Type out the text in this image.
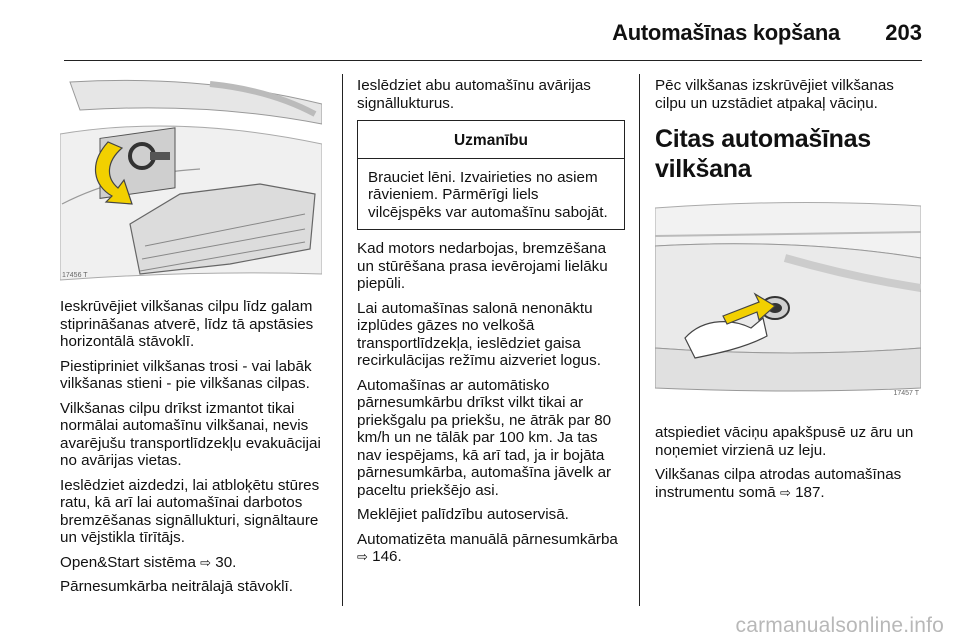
Automašīnas kopšana 203
17456 T

Ieskrūvējiet vilkšanas cilpu līdz galam stiprināšanas atverē, līdz tā apstāsies horizontālā stāvoklī.

Piestipriniet vilkšanas trosi - vai labāk vilkšanas stieni - pie vilkšanas cilpas.

Vilkšanas cilpu drīkst izmantot tikai normālai automašīnu vilkšanai, nevis avarējušu transportlīdzekļu evakuācijai no avārijas vietas.

Ieslēdziet aizdedzi, lai atbloķētu stūres ratu, kā arī lai automašīnai darbotos bremzēšanas signāllukturi, signāltaure un vējstikla tīrītājs.

Open&Start sistēma ⇨ 30.

Pārnesumkārba neitrālajā stāvoklī.

Ieslēdziet abu automašīnu avārijas signāllukturus.

Uzmanību
Brauciet lēni. Izvairieties no asiem rāvieniem. Pārmērīgi liels vilcējspēks var automašīnu sabojāt.

Kad motors nedarbojas, bremzēšana un stūrēšana prasa ievērojami lielāku piepūli.

Lai automašīnas salonā nenonāktu izplūdes gāzes no velkošā transportlīdzekļa, ieslēdziet gaisa recirkulācijas režīmu aizveriet logus.

Automašīnas ar automātisko pārnesumkārbu drīkst vilkt tikai ar priekšgalu pa priekšu, ne ātrāk par 80 km/h un ne tālāk par 100 km. Ja tas nav iespējams, kā arī tad, ja ir bojāta pārnesumkārba, automašīna jāvelk ar paceltu priekšējo asi.

Meklējiet palīdzību autoservisā.

Automatizēta manuālā pārnesumkārba ⇨ 146.

Pēc vilkšanas izskrūvējiet vilkšanas cilpu un uzstādiet atpakaļ vāciņu.

Citas automašīnas vilkšana
17457 T

atspiediet vāciņu apakšpusē uz āru un noņemiet virzienā uz leju.

Vilkšanas cilpa atrodas automašīnas instrumentu somā ⇨ 187.

carmanualsonline.info
